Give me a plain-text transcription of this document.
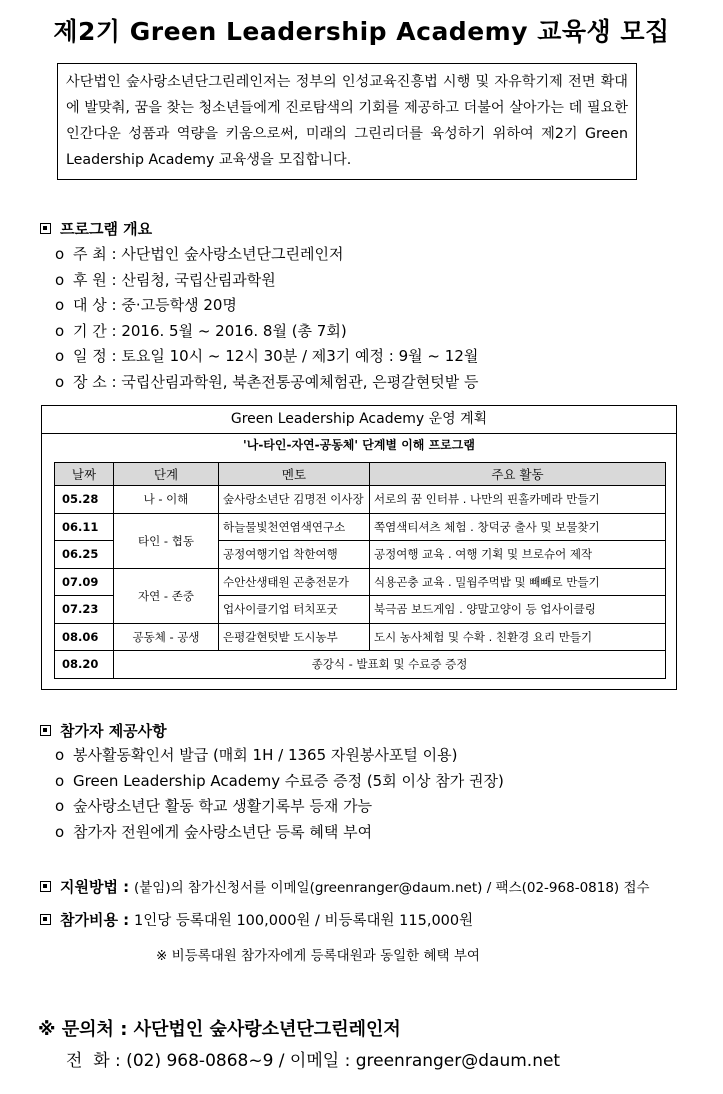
제2기 Green Leadership Academy 교육생 모집
사단법인 숲사랑소년단그린레인저는 정부의 인성교육진흥법 시행 및 자유학기제 전면 확대에 발맞춰, 꿈을 찾는 청소년들에게 진로탐색의 기회를 제공하고 더불어 살아가는 데 필요한 인간다운 성품과 역량을 키움으로써, 미래의 그린리더를 육성하기 위하여 제2기 Green Leadership Academy 교육생을 모집합니다.
프로그램 개요
o 주 최 : 사단법인 숲사랑소년단그린레인저
o 후 원 : 산림청, 국립산림과학원
o 대 상 : 중·고등학생 20명
o 기 간 : 2016. 5월 ~ 2016. 8월 (총 7회)
o 일 정 : 토요일 10시 ~ 12시 30분 / 제3기 예정 : 9월 ~ 12월
o 장 소 : 국립산림과학원, 북촌전통공예체험관, 은평갈현텃밭 등
Green Leadership Academy 운영 계획
'나-타인-자연-공동체' 단계별 이해 프로그램
날짜	단계	멘토	주요 활동
05.28	나 - 이해	숲사랑소년단 김명전 이사장	서로의 꿈 인터뷰 . 나만의 핀홀카메라 만들기
06.11	타인 - 협동	하늘물빛천연염색연구소	쪽염색티셔츠 체험 . 창덕궁 출사 및 보물찾기
06.25		공정여행기업 착한여행	공정여행 교육 . 여행 기획 및 브로슈어 제작
07.09	자연 - 존중	수안산생태원 곤충전문가	식용곤충 교육 . 밀웜주먹밥 및 빼빼로 만들기
07.23		업사이클기업 터치포굿	북극곰 보드게임 . 양말고양이 등 업사이클링
08.06	공동체 - 공생	은평갈현텃밭 도시농부	도시 농사체험 및 수확 . 친환경 요리 만들기
08.20	종강식 - 발표회 및 수료증 증정		
참가자 제공사항
o 봉사활동확인서 발급 (매회 1H / 1365 자원봉사포털 이용)
o Green Leadership Academy 수료증 증정 (5회 이상 참가 권장)
o 숲사랑소년단 활동 학교 생활기록부 등재 가능
o 참가자 전원에게 숲사랑소년단 등록 혜택 부여
지원방법 : (붙임)의 참가신청서를 이메일(greenranger@daum.net) / 팩스(02-968-0818) 접수
참가비용 : 1인당 등록대원 100,000원 / 비등록대원 115,000원
※ 비등록대원 참가자에게 등록대원과 동일한 혜택 부여
※ 문의처 : 사단법인 숲사랑소년단그린레인저
전  화 : (02) 968-0868~9 / 이메일 : greenranger@daum.net
